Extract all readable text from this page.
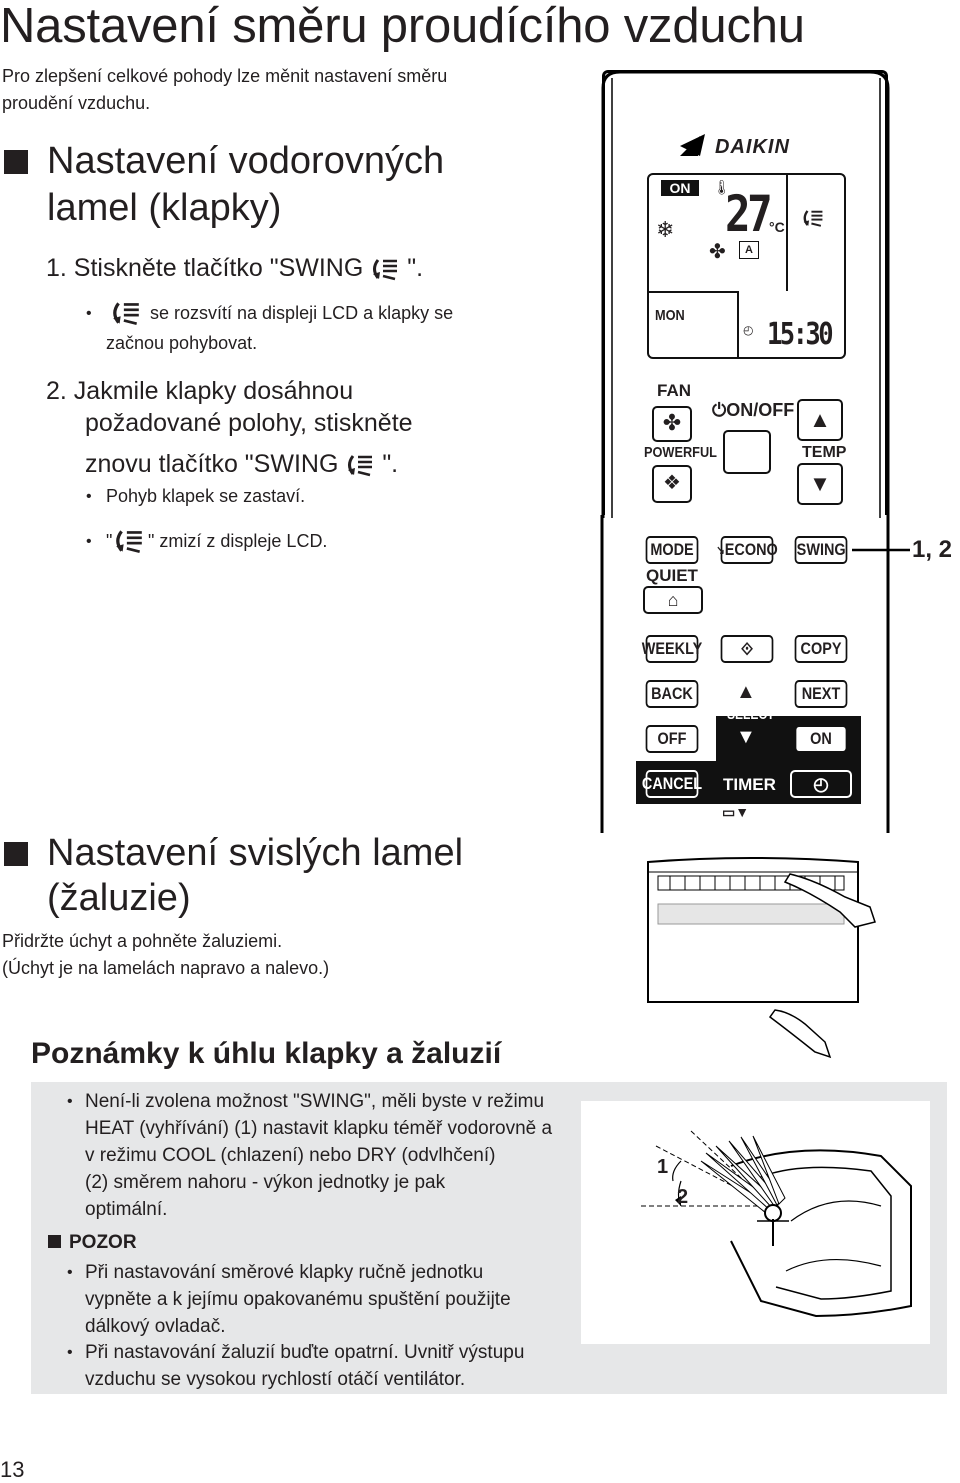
Nastavení směru proudícího vzduchu
Pro zlepšení celkové pohody lze měnit nastavení směru proudění vzduchu.
Nastavení vodorovných
lamel (klapky)
1. Stiskněte tlačítko "SWING ".
•	se rozsvítí na displeji LCD a klapky se
začnou pohybovat.
2. Jakmile klapky dosáhnou
požadované polohy, stiskněte
znovu tlačítko "SWING ".
• Pohyb klapek se zastaví.
• " " zmizí z displeje LCD.
DAIKIN
ON	🌡
❄ 27 °C
✤	A
MON
◴ 15:30
FAN
✤	⏻ON/OFF ▲
POWERFUL	TEMP
❖	▼
MODE	↘ ECONO SWING
QUIET
⌂
1, 2
WEEKLY ⟐	COPY
BACK ▲
SELECT
▼
NEXT
OFF	ON
CANCEL TIMER ◴
▭▼
Nastavení svislých lamel
(žaluzie)
Přidržte úchyt a pohněte žaluziemi.
(Úchyt je na lamelách napravo a nalevo.)
Poznámky k úhlu klapky a žaluzií
• Není-li zvolena možnost "SWING", měli byste v režimu
HEAT (vyhřívání) (1) nastavit klapku téměř vodorovně a
v režimu COOL (chlazení) nebo DRY (odvlhčení)
(2) směrem nahoru - výkon jednotky je pak
optimální.
POZOR
• Při nastavování směrové klapky ručně jednotku
vypněte a k jejímu opakovanému spuštění použijte
dálkový ovladač.
• Při nastavování žaluzií buďte opatrní. Uvnitř výstupu
vzduchu se vysokou rychlostí otáčí ventilátor.
1
2
13
